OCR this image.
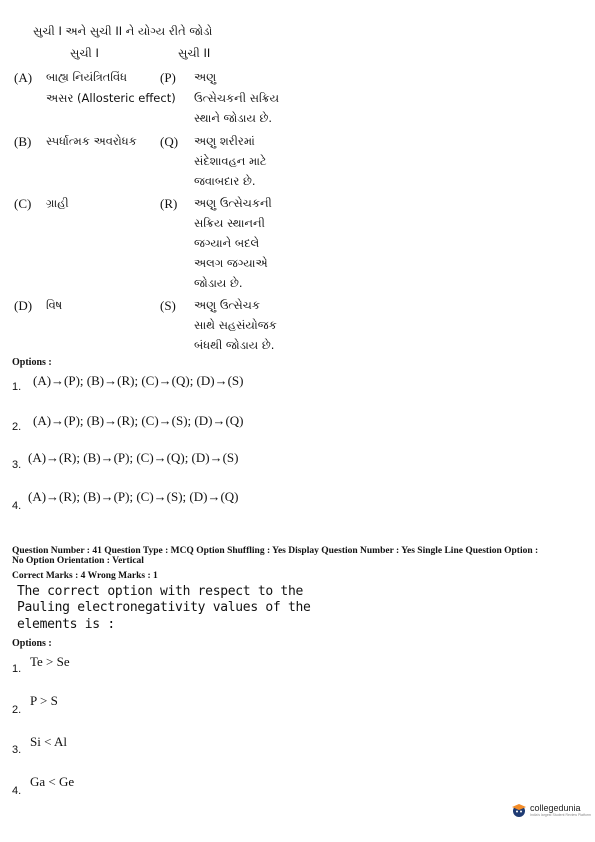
સુચી I અને સુચી II ને યોગ્ય રીતે જોડો
સુચી I	સુચી II
(A) બાહ્ય નિયંત્રિતવિંધ
અસર (Allosteric effect)
(P) અણુ
ઉત્સેચકની સક્રિય
સ્થાને જોડાય છે.
(B) સ્પર્ધાત્મક અવરોધક (Q) અણુ શરીરમાં
સંદેશાવહન માટે
જવાબદાર છે.
(C) ગ્રાહી	(R) અણુ ઉત્સેચકની
સક્રિય સ્થાનની
જગ્યાને બદલે
અલગ જગ્યાએ
જોડાય છે.
(D) વિષ	(S) અણુ ઉત્સેચક
સાથે સહસંયોજક
બંધથી જોડાય છે.
Options :
1. (A)→(P); (B)→(R); (C)→(Q); (D)→(S)
2. (A)→(P); (B)→(R); (C)→(S); (D)→(Q)
3. (A)→(R); (B)→(P); (C)→(Q); (D)→(S)
4.
(A)→(R); (B)→(P); (C)→(S); (D)→(Q)
Question Number : 41 Question Type : MCQ Option Shuffling : Yes Display Question Number : Yes Single Line Question Option :
No Option Orientation : Vertical
Correct Marks : 4 Wrong Marks : 1
The correct option with respect to the
Pauling electronegativity values of the
elements is :
Options :
1. Te > Se
2.
P > S
3.
Si < Al
4.
Ga < Ge
collegedunia
India's largest Student Review Platform
